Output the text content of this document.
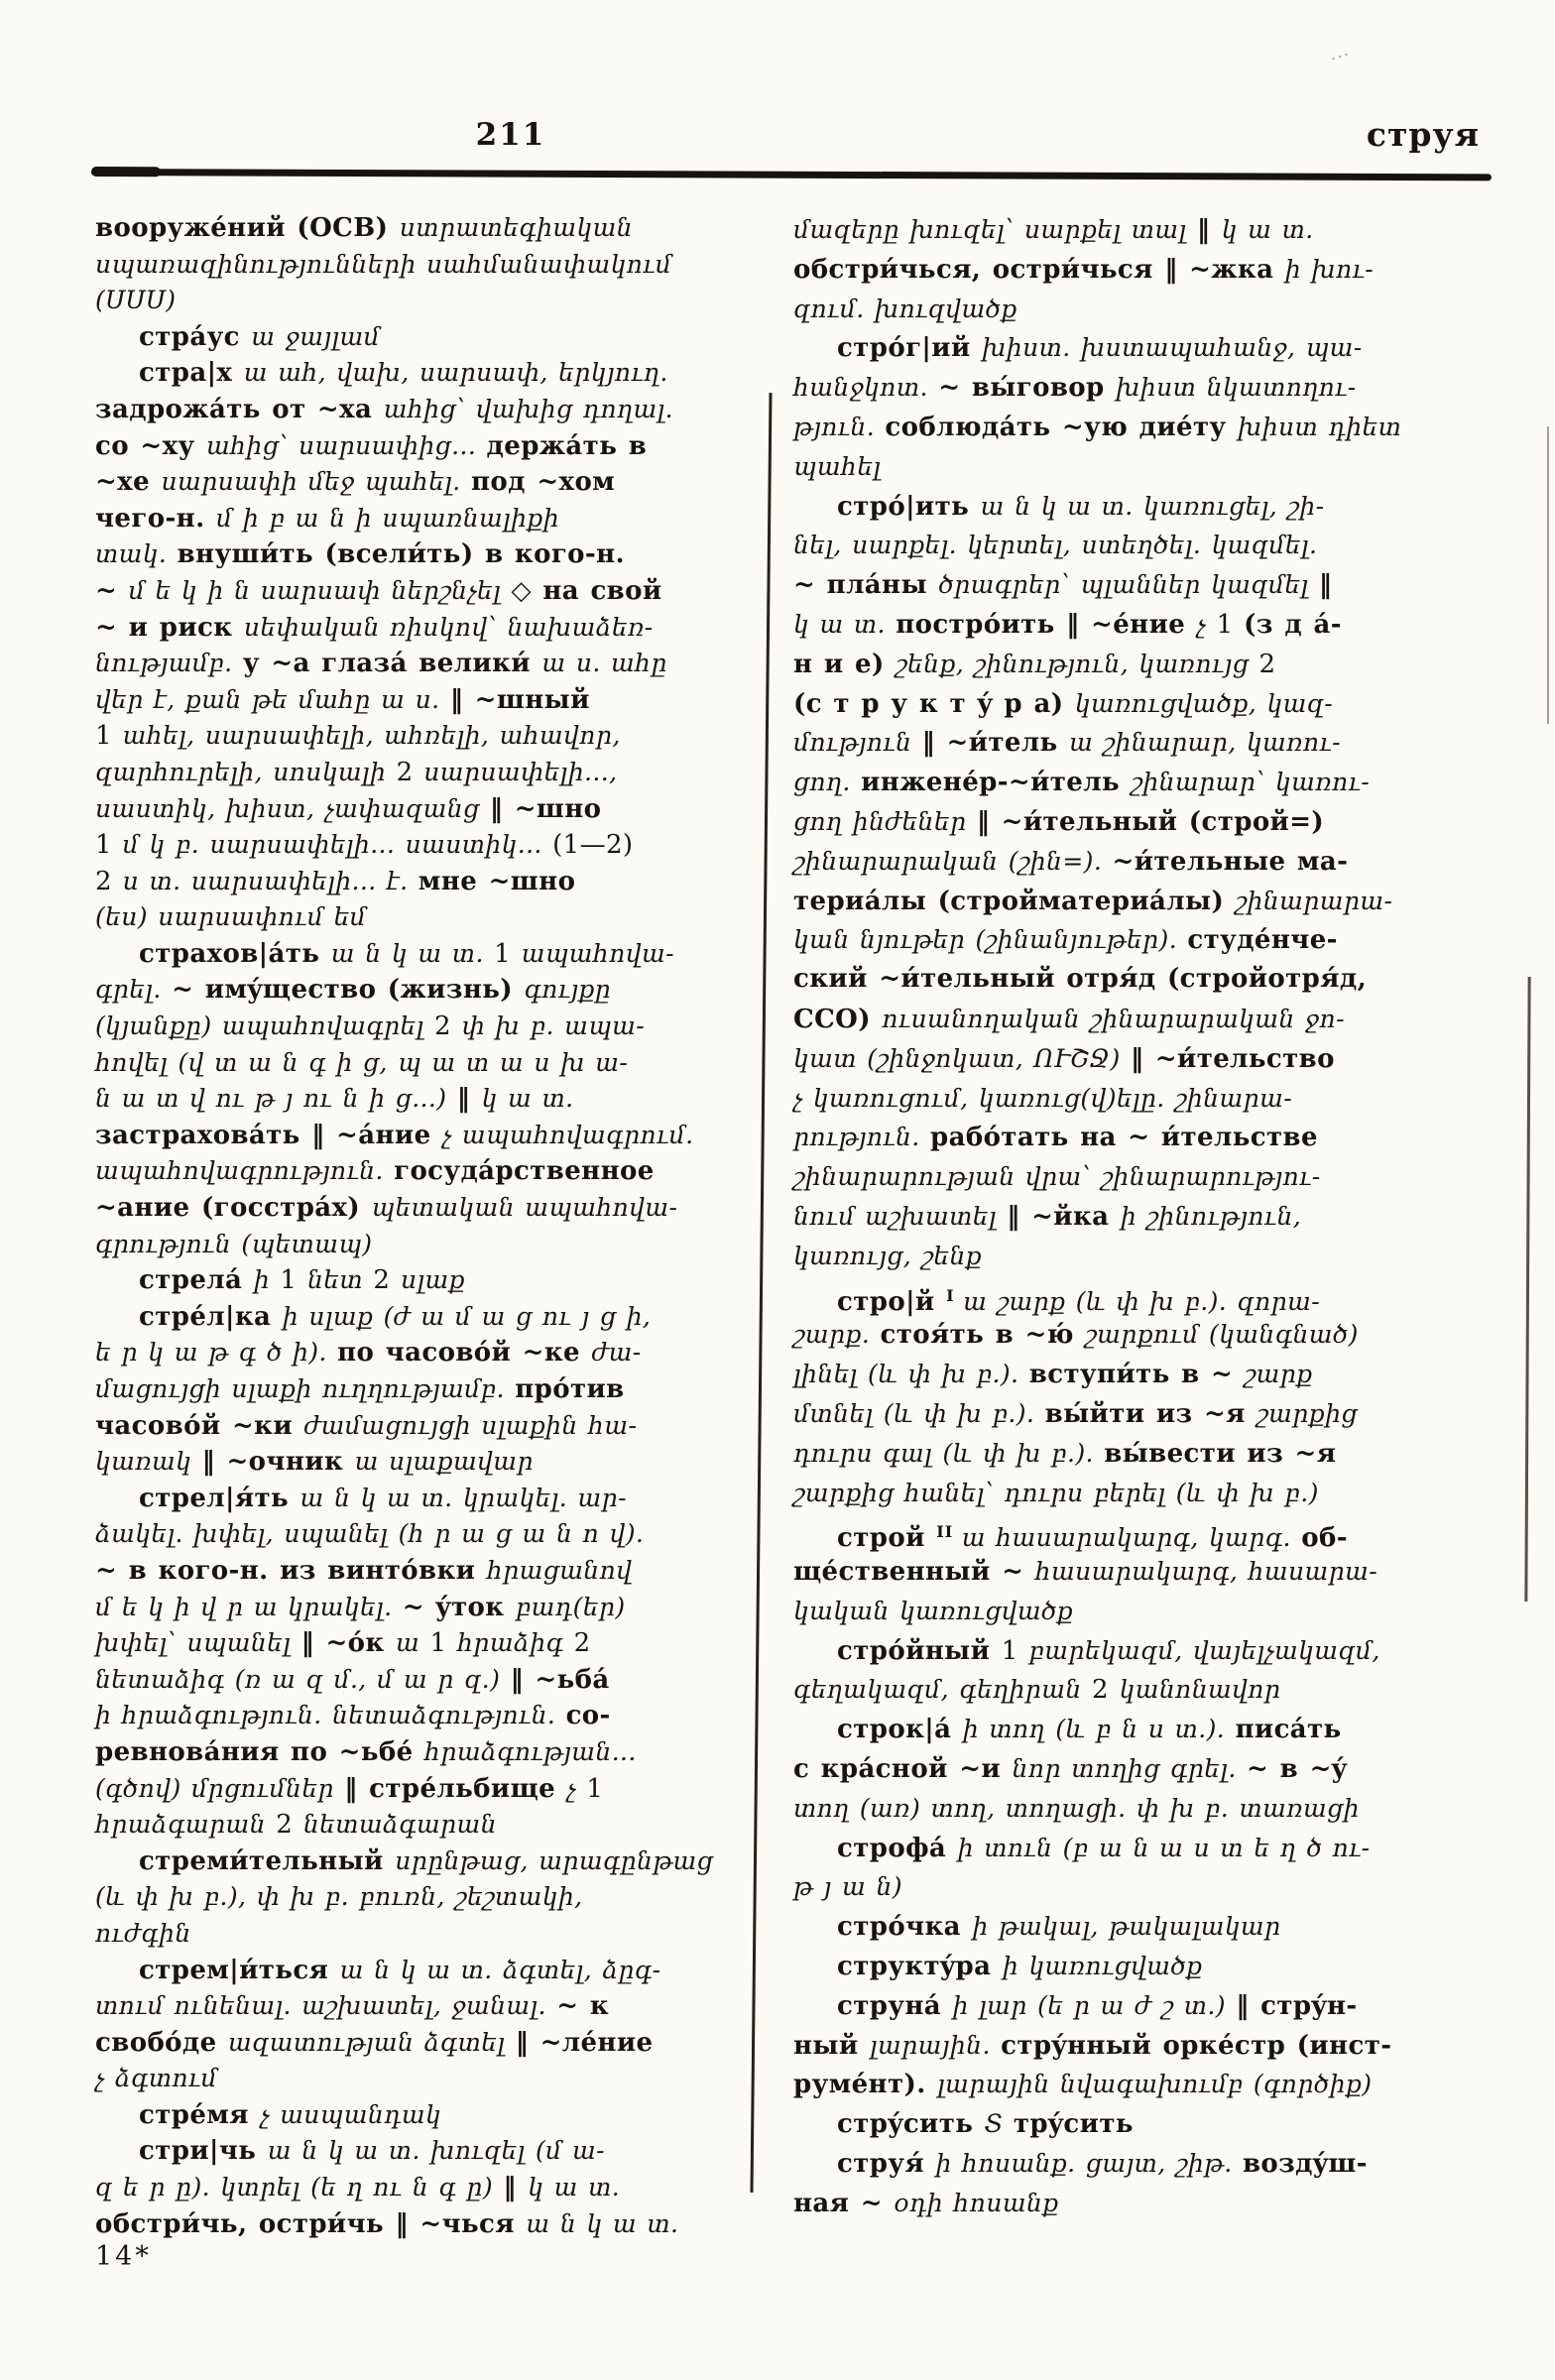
211	струя
···
вооружéний (ОСВ) ստրատեգիական
սպառազինությունների սահմանափակում
(ՍՍՍ)
стрáус ա ջայլամ
стра|х ա ահ, վախ, սարսափ, երկյուղ.
задрожáть от ~ха ահից՝ վախից դողալ.
со ~ху ահից՝ սարսափից... держáть в
~хе սարսափի մեջ պահել. под ~хом
чего-н. մ ի բ ա ն ի սպառնալիքի
տակ. внуши́ть (всели́ть) в кого-н.
~ մ ե կ ի ն սարսափ ներշնչել ◇ на свой
~ и риск սեփական ռիսկով՝ նախաձեռ-
նությամբ. у ~а глазá велики́ ա ս. ահը
վեր է, քան թե մահը ա ս. ‖ ~шный
1 ահել, սարսափելի, ահռելի, ահավոր,
զարհուրելի, սոսկալի 2 սարսափելի...,
սաստիկ, խիստ, չափազանց ‖ ~шно
1 մ կ բ. սարսափելի... սաստիկ... (1—2)
2 ս տ. սարսափելի... է. мне ~шно
(ես) սարսափում եմ
страхов|áть ա ն կ ա տ. 1 ապահովա-
գրել. ~ имýщество (жизнь) գույքը
(կյանքը) ապահովագրել 2 փ խ բ. ապա-
հովել (վ տ ա ն գ ի ց, պ ա տ ա ս խ ա-
ն ա տ վ ու թ յ ու ն ի ց...) ‖ կ ա տ.
застраховáть ‖ ~áние չ ապահովագրում.
ապահովագրություն. госудáрственное
~ание (госстрáх) պետական ապահովա-
գրություն (պետապ)
стрелá ի 1 նետ 2 սլաք
стрéл|ка ի սլաք (ժ ա մ ա ց ու յ ց ի,
ե ր կ ա թ գ ծ ի). по часовóй ~ке ժա-
մացույցի սլաքի ուղղությամբ. прóтив
часовóй ~ки ժամացույցի սլաքին հա-
կառակ ‖ ~очник ա սլաքավար
стрел|я́ть ա ն կ ա տ. կրակել. ար-
ձակել. խփել, սպանել (հ ր ա ց ա ն ո վ).
~ в кого-н. из винтóвки հրացանով
մ ե կ ի վ ր ա կրակել. ~ ýток բադ(եր)
խփել՝ սպանել ‖ ~óк ա 1 հրաձիգ 2
նետաձիգ (ռ ա զ մ., մ ա ր զ.) ‖ ~ьбá
ի հրաձգություն. նետաձգություն. со-
ревновáния по ~ьбé հրաձգության...
(գծով) մրցումներ ‖ стрéльбище չ 1
հրաձգարան 2 նետաձգարան
стреми́тельный սրընթաց, արագընթաց
(և փ խ բ.), փ խ բ. բուռն, շեշտակի,
ուժգին
стрем|и́ться ա ն կ ա տ. ձգտել, ձըգ-
տում ունենալ. աշխատել, ջանալ. ~ к
свобóде ազատության ձգտել ‖ ~лéние
չ ձգտում
стрéмя չ ասպանդակ
стри|чь ա ն կ ա տ. խուզել (մ ա-
զ ե ր ը). կտրել (ե ղ ու ն գ ը) ‖ կ ա տ.
обстри́чь, остри́чь ‖ ~чься ա ն կ ա տ.
մազերը խուզել՝ սարքել տալ ‖ կ ա տ.
обстри́чься, остри́чься ‖ ~жка ի խու-
զում. խուզվածք
стрóг|ий խիստ. խստապահանջ, պա-
հանջկոտ. ~ вы́говор խիստ նկատողու-
թյուն. соблюдáть ~ую диéту խիստ դիետ
պահել
стрó|ить ա ն կ ա տ. կառուցել, շի-
նել, սարքել. կերտել, ստեղծել. կազմել.
~ плáны ծրագրեր՝ պլաններ կազմել ‖
կ ա տ. пострóить ‖ ~éние չ 1 (з д á-
н и е) շենք, շինություն, կառույց 2
(с т р у к т ý р а) կառուցվածք, կազ-
մություն ‖ ~и́тель ա շինարար, կառու-
ցող. инженéр-~и́тель շինարար՝ կառու-
ցող ինժեներ ‖ ~и́тельный (строй=)
շինարարական (շին=). ~и́тельные ма-
териáлы (стройматериáлы) շինարարա-
կան նյութեր (շինանյութեր). студéнче-
ский ~и́тельный отря́д (стройотря́д,
ССО) ուսանողական շինարարական ջո-
կատ (շինջոկատ, ՈՒՇՋ) ‖ ~и́тельство
չ կառուցում, կառուց(վ)ելը. շինարա-
րություն. рабóтать на ~ и́тельстве
շինարարության վրա՝ շինարարությու-
նում աշխատել ‖ ~йка ի շինություն,
կառույց, շենք
стро|й $^I$ ա շարք (և փ խ բ.). զորա-
շարք. стоя́ть в ~ю́ շարքում (կանգնած)
լինել (և փ խ բ.). вступи́ть в ~ շարք
մտնել (և փ խ բ.). вы́йти из ~я շարքից
դուրս գալ (և փ խ բ.). вы́вести из ~я
շարքից հանել՝ դուրս բերել (և փ խ բ.)
строй $^{II}$ ա հասարակարգ, կարգ. об-
щéственный ~ հասարակարգ, հասարա-
կական կառուցվածք
стрóйный 1 բարեկազմ, վայելչակազմ,
գեղակազմ, գեղիրան 2 կանոնավոր
строк|á ի տող (և բ ն ս տ.). писáть
с крáсной ~и նոր տողից գրել. ~ в ~ý
տող (առ) տող, տողացի. փ խ բ. տառացի
строфá ի տուն (բ ա ն ա ս տ ե ղ ծ ու-
թ յ ա ն)
стрóчка ի թակալ, թակալակար
структýра ի կառուցվածք
струнá ի լար (ե ր ա ժ շ տ.) ‖ стрýн-
ный լարային. стрýнный оркéстр (инст-
румéнт). լարային նվագախումբ (գործիք)
стрýсить Տ трýсить
струя́ ի հոսանք. ցայտ, շիթ. воздýш-
ная ~ օդի հոսանք
14*
